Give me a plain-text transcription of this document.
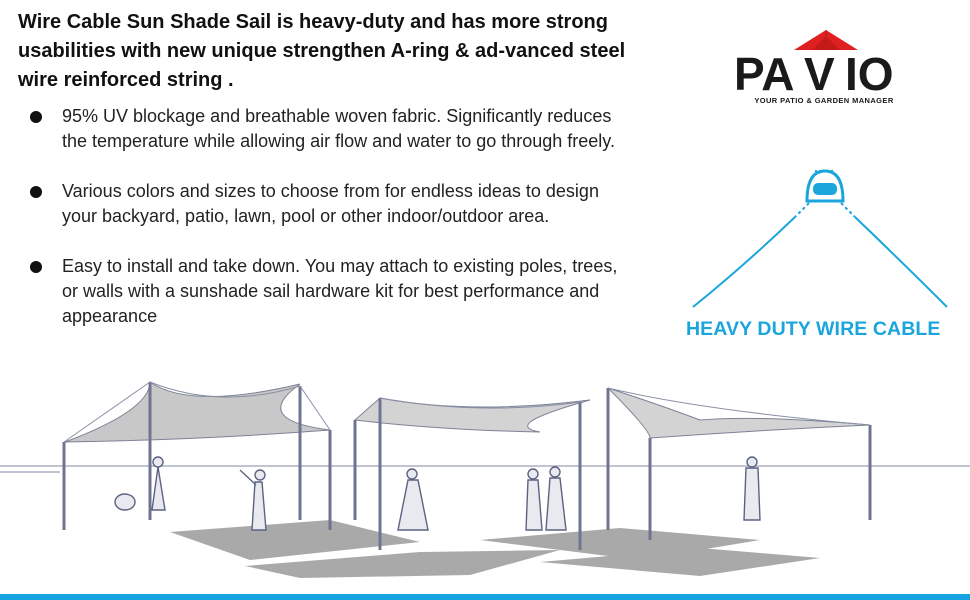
Wire Cable Sun Shade Sail is heavy-duty and has more strong usabilities with new unique strengthen A-ring & ad-vanced steel wire reinforced string .
95% UV blockage and breathable woven fabric. Significantly reduces the temperature while allowing air flow and water to go through freely.
Various colors and sizes to choose from for endless ideas to design your backyard, patio, lawn, pool or other indoor/outdoor area.
Easy to install and take down. You may attach to existing poles, trees, or walls with a sunshade sail hardware kit for best performance and appearance
PA V IO
YOUR PATIO & GARDEN MANAGER
HEAVY DUTY WIRE CABLE
